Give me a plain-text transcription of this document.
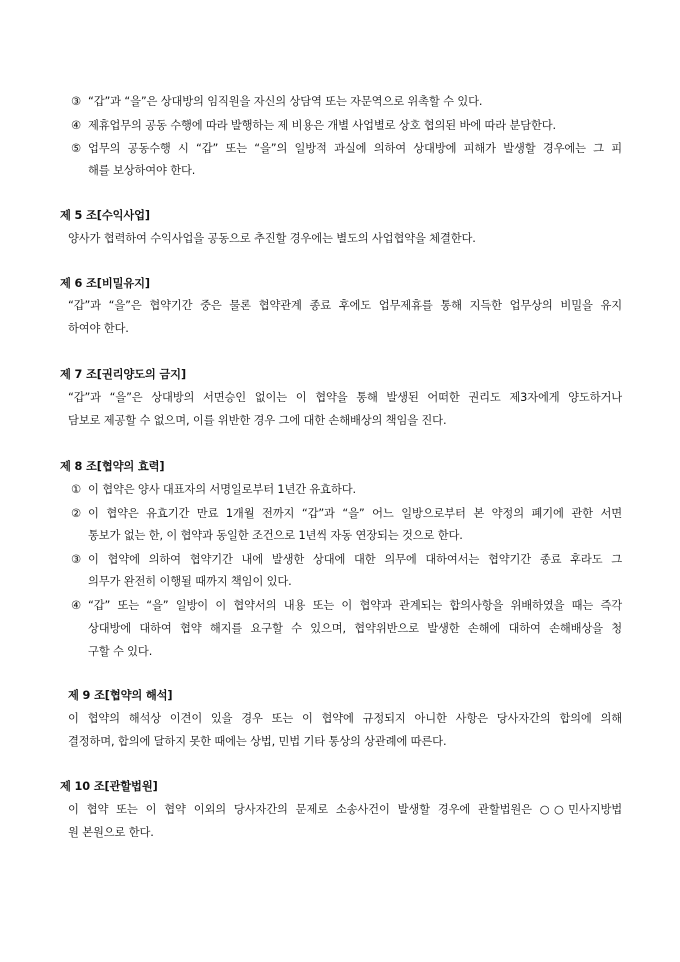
③ “갑”과 “을”은 상대방의 임직원을 자신의 상담역 또는 자문역으로 위촉할 수 있다.
④ 제휴업무의 공동 수행에 따라 발행하는 제 비용은 개별 사업별로 상호 협의된 바에 따라 분담한다.
⑤ 업무의 공동수행 시 “갑” 또는 “을”의 일방적 과실에 의하여 상대방에 피해가 발생할 경우에는 그 피
해를 보상하여야 한다.
제 5 조[수익사업]
양사가 협력하여 수익사업을 공동으로 추진할 경우에는 별도의 사업협약을 체결한다.
제 6 조[비밀유지]
“갑”과 “을”은 협약기간 중은 물론 협약관계 종료 후에도 업무제휴를 통해 지득한 업무상의 비밀을 유지
하여야 한다.
제 7 조[권리양도의 금지]
“갑”과 “을”은 상대방의 서면승인 없이는 이 협약을 통해 발생된 어떠한 권리도 제3자에게 양도하거나
담보로 제공할 수 없으며, 이를 위반한 경우 그에 대한 손해배상의 책임을 진다.
제 8 조[협약의 효력]
① 이 협약은 양사 대표자의 서명일로부터 1년간 유효하다.
② 이 협약은 유효기간 만료 1개월 전까지 “갑”과 “을” 어느 일방으로부터 본 약정의 폐기에 관한 서면
통보가 없는 한, 이 협약과 동일한 조건으로 1년씩 자동 연장되는 것으로 한다.
③ 이 협약에 의하여 협약기간 내에 발생한 상대에 대한 의무에 대하여서는 협약기간 종료 후라도 그
의무가 완전히 이행될 때까지 책임이 있다.
④ “갑” 또는 “을” 일방이 이 협약서의 내용 또는 이 협약과 관계되는 합의사항을 위배하였을 때는 즉각
상대방에 대하여 협약 해지를 요구할 수 있으며, 협약위반으로 발생한 손해에 대하여 손해배상을 청
구할 수 있다.
제 9 조[협약의 해석]
이 협약의 해석상 이견이 있을 경우 또는 이 협약에 규정되지 아니한 사항은 당사자간의 합의에 의해
결정하며, 합의에 달하지 못한 때에는 상법, 민법 기타 통상의 상관례에 따른다.
제 10 조[관할법원]
이 협약 또는 이 협약 이외의 당사자간의 문제로 소송사건이 발생할 경우에 관할법원은 ○○민사지방법
원 본원으로 한다.
